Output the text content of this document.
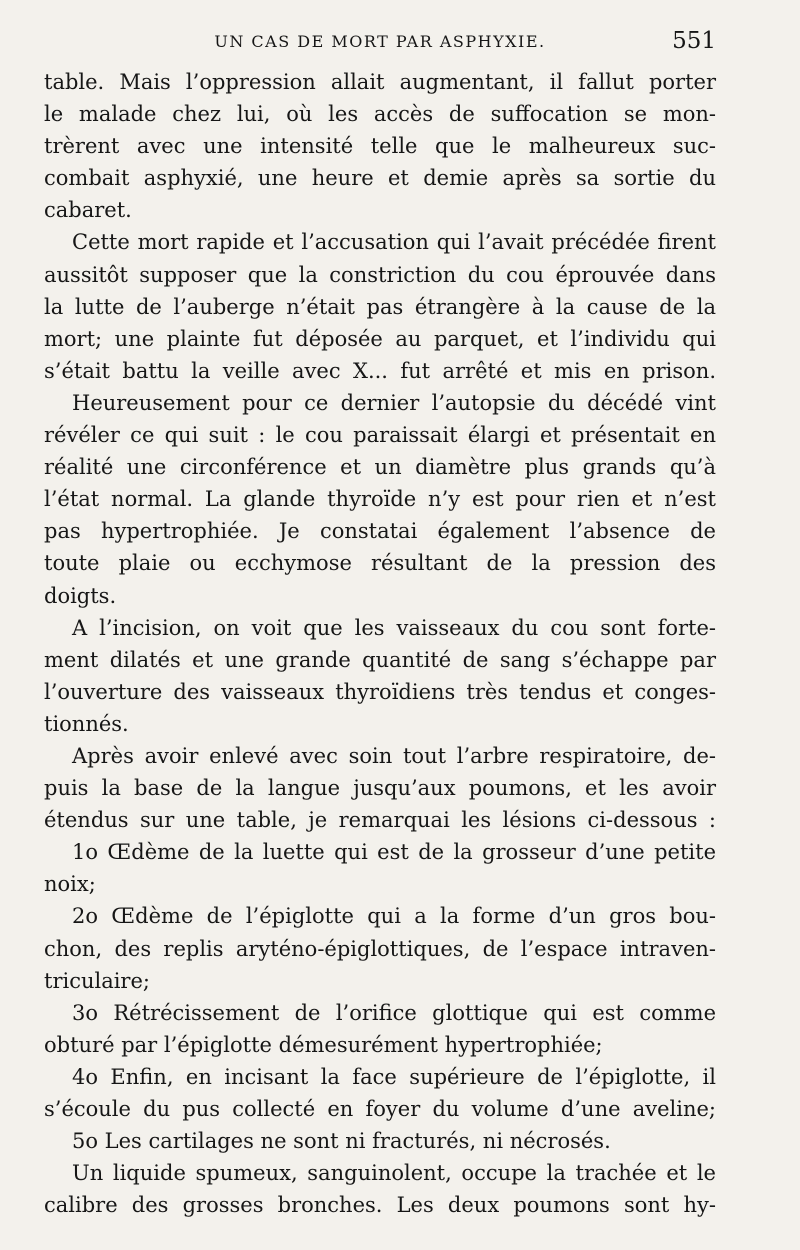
UN CAS DE MORT PAR ASPHYXIE.	551
table. Mais l’oppression allait augmentant, il fallut porter
le malade chez lui, où les accès de suffocation se mon-
trèrent avec une intensité telle que le malheureux suc-
combait asphyxié, une heure et demie après sa sortie du
cabaret.
Cette mort rapide et l’accusation qui l’avait précédée firent
aussitôt supposer que la constriction du cou éprouvée dans
la lutte de l’auberge n’était pas étrangère à la cause de la
mort; une plainte fut déposée au parquet, et l’individu qui
s’était battu la veille avec X... fut arrêté et mis en prison.
Heureusement pour ce dernier l’autopsie du décédé vint
révéler ce qui suit : le cou paraissait élargi et présentait en
réalité une circonférence et un diamètre plus grands qu’à
l’état normal. La glande thyroïde n’y est pour rien et n’est
pas hypertrophiée. Je constatai également l’absence de
toute plaie ou ecchymose résultant de la pression des
doigts.
A l’incision, on voit que les vaisseaux du cou sont forte-
ment dilatés et une grande quantité de sang s’échappe par
l’ouverture des vaisseaux thyroïdiens très tendus et conges-
tionnés.
Après avoir enlevé avec soin tout l’arbre respiratoire, de-
puis la base de la langue jusqu’aux poumons, et les avoir
étendus sur une table, je remarquai les lésions ci-dessous :
1o Œdème de la luette qui est de la grosseur d’une petite
noix;
2o Œdème de l’épiglotte qui a la forme d’un gros bou-
chon, des replis aryténo-épiglottiques, de l’espace intraven-
triculaire;
3o Rétrécissement de l’orifice glottique qui est comme
obturé par l’épiglotte démesurément hypertrophiée;
4o Enfin, en incisant la face supérieure de l’épiglotte, il
s’écoule du pus collecté en foyer du volume d’une aveline;
5o Les cartilages ne sont ni fracturés, ni nécrosés.
Un liquide spumeux, sanguinolent, occupe la trachée et le
calibre des grosses bronches. Les deux poumons sont hy-
